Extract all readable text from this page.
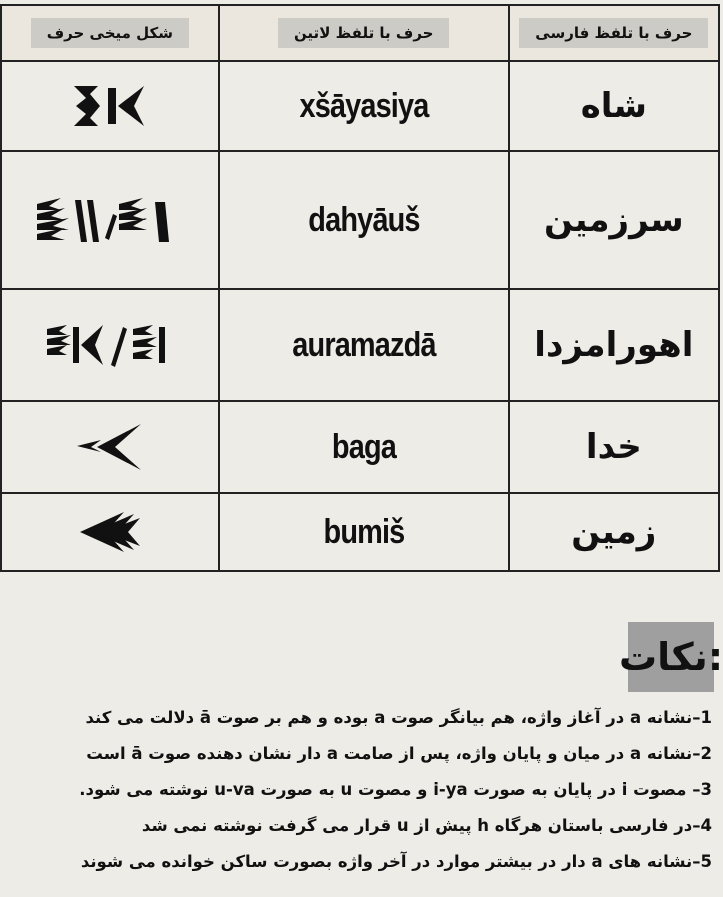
شکل میخی حرف	حرف با تلفظ لاتین	حرف با تلفظ فارسی

	xšāyasiya	شاه

	dahyāuš	سرزمین

	auramazdā	اهورامزدا

	baga	خدا

	bumiš	زمین
نکات:
1–نشانه a در آغاز واژه، هم بیانگر صوت a بوده و هم بر صوت ā دلالت می کند
2–نشانه a در میان و پایان واژه، پس از صامت a دار نشان دهنده صوت ā است
3– مصوت i در پایان به صورت i-ya و مصوت u به صورت u-va نوشته می شود.
4–در فارسی باستان هرگاه h پیش از u قرار می گرفت نوشته نمی شد
5–نشانه های a دار در بیشتر موارد در آخر واژه بصورت ساکن خوانده می شوند
